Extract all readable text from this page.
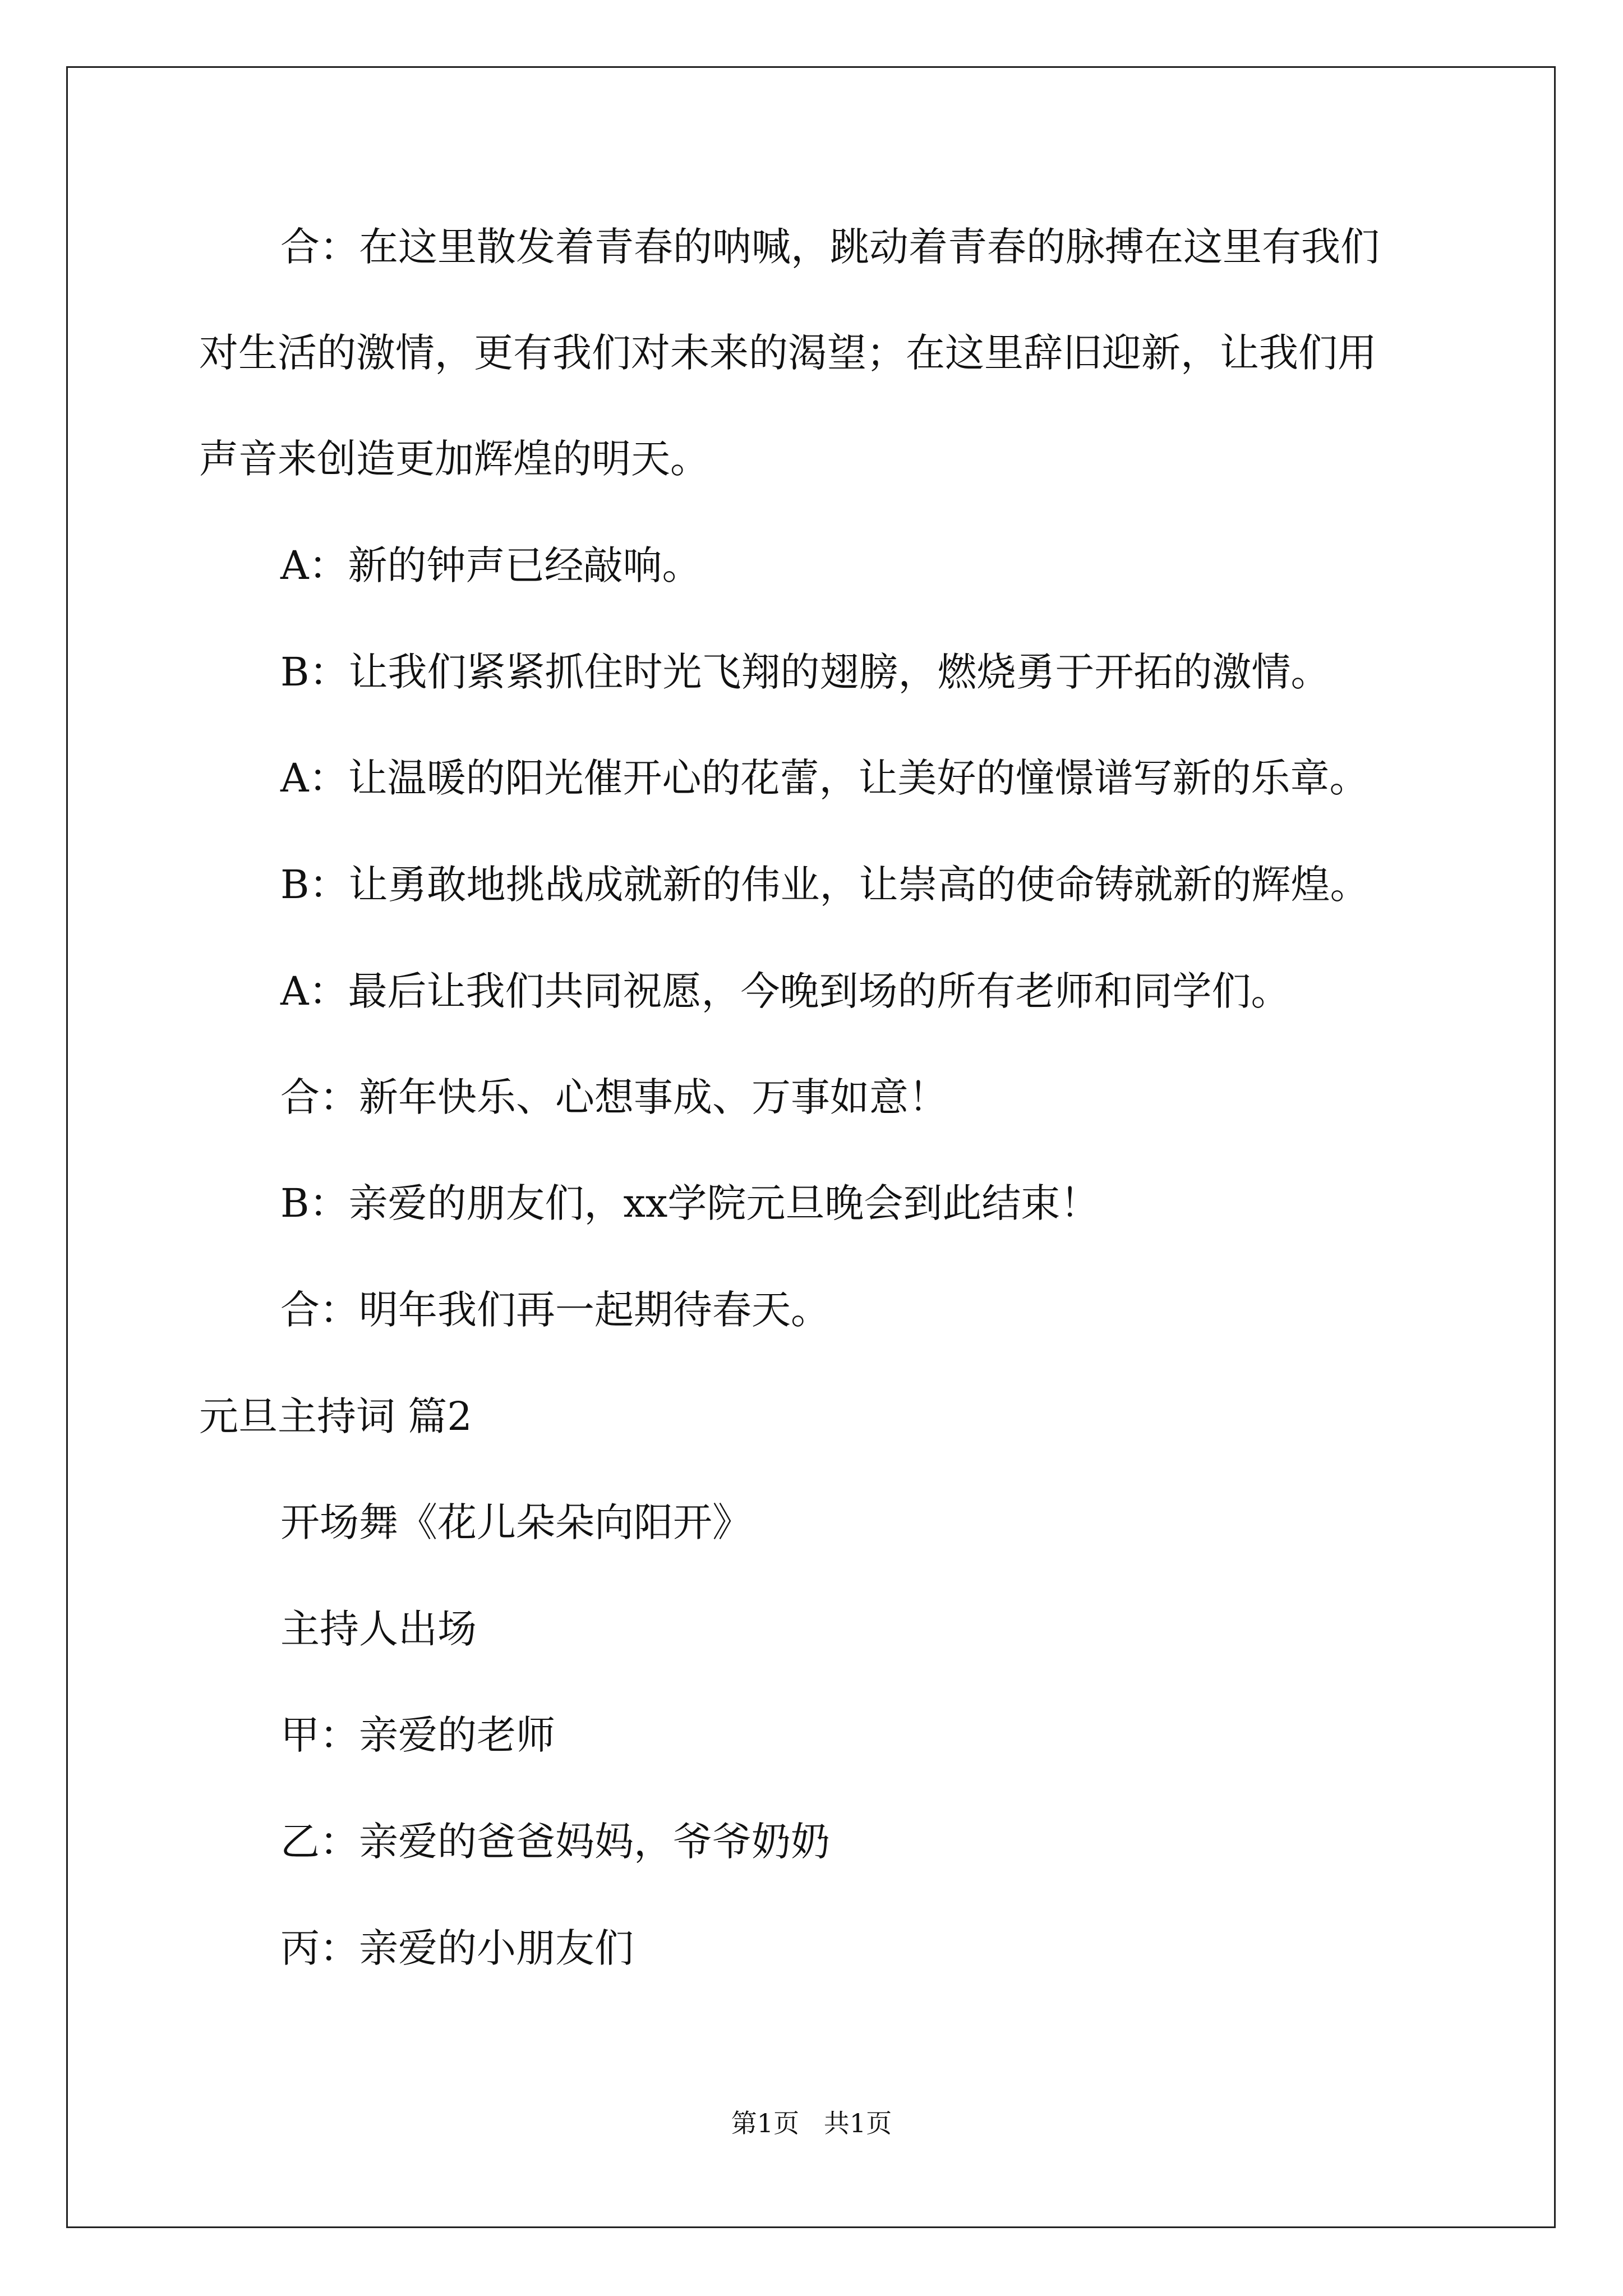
合：在这里散发着青春的呐喊，跳动着青春的脉搏在这里有我们
对生活的激情，更有我们对未来的渴望；在这里辞旧迎新，让我们用
声音来创造更加辉煌的明天。
A：新的钟声已经敲响。
B：让我们紧紧抓住时光飞翔的翅膀，燃烧勇于开拓的激情。
A：让温暖的阳光催开心的花蕾，让美好的憧憬谱写新的乐章。
B：让勇敢地挑战成就新的伟业，让崇高的使命铸就新的辉煌。
A：最后让我们共同祝愿，今晚到场的所有老师和同学们。
合：新年快乐、心想事成、万事如意！
B：亲爱的朋友们，xx学院元旦晚会到此结束！
合：明年我们再一起期待春天。
元旦主持词 篇2
开场舞《花儿朵朵向阳开》
主持人出场
甲：亲爱的老师
乙：亲爱的爸爸妈妈，爷爷奶奶
丙：亲爱的小朋友们
第1页   共1页
